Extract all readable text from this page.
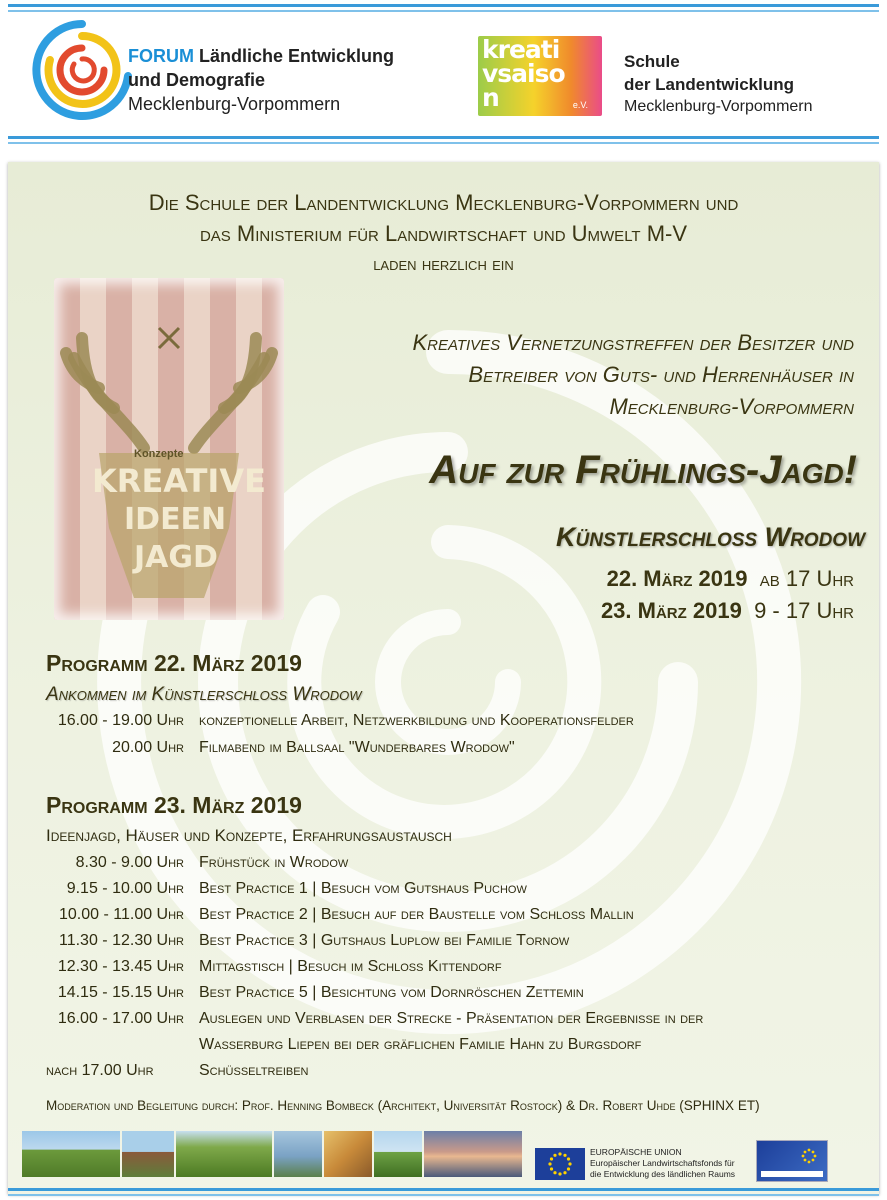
FORUM Ländliche Entwicklung
und Demografie
Mecklenburg-Vorpommern
kreativsaison	e.V.
Schule
der Landentwicklung
Mecklenburg-Vorpommern
Die Schule der Landentwicklung Mecklenburg-Vorpommern und
das Ministerium für Landwirtschaft und Umwelt M-V
laden herzlich ein
Konzepte
KREATIVE
IDEEN
JAGD
Kreatives Vernetzungstreffen der Besitzer und
Betreiber von Guts- und Herrenhäuser in
Mecklenburg-Vorpommern
Auf zur Frühlings-Jagd!
Künstlerschloss Wrodow
22. März 2019 ab 17 Uhr
23. März 2019 9 - 17 Uhr
Programm 22. März 2019
Ankommen im Künstlerschloss Wrodow
16.00 - 19.00 Uhr konzeptionelle Arbeit, Netzwerkbildung und Kooperationsfelder
20.00 Uhr Filmabend im Ballsaal "Wunderbares Wrodow"
Programm 23. März 2019
Ideenjagd, Häuser und Konzepte, Erfahrungsaustausch
8.30 - 9.00 Uhr Frühstück in Wrodow
9.15 - 10.00 Uhr Best Practice 1 | Besuch vom Gutshaus Puchow
10.00 - 11.00 Uhr Best Practice 2 | Besuch auf der Baustelle vom Schloss Mallin
11.30 - 12.30 Uhr Best Practice 3 | Gutshaus Luplow bei Familie Tornow
12.30 - 13.45 Uhr Mittagstisch | Besuch im Schloss Kittendorf
14.15 - 15.15 Uhr Best Practice 5 | Besichtung vom Dornröschen Zettemin
16.00 - 17.00 Uhr Auslegen und Verblasen der Strecke - Präsentation der Ergebnisse in der
Wasserburg Liepen bei der gräflichen Familie Hahn zu Burgsdorf
nach 17.00 Uhr	Schüsseltreiben
Moderation und Begleitung durch: Prof. Henning Bombeck (Architekt, Universität Rostock) & Dr. Robert Uhde (SPHINX ET)
EUROPÄISCHE UNION
Europäischer Landwirtschaftsfonds für
die Entwicklung des ländlichen Raums
